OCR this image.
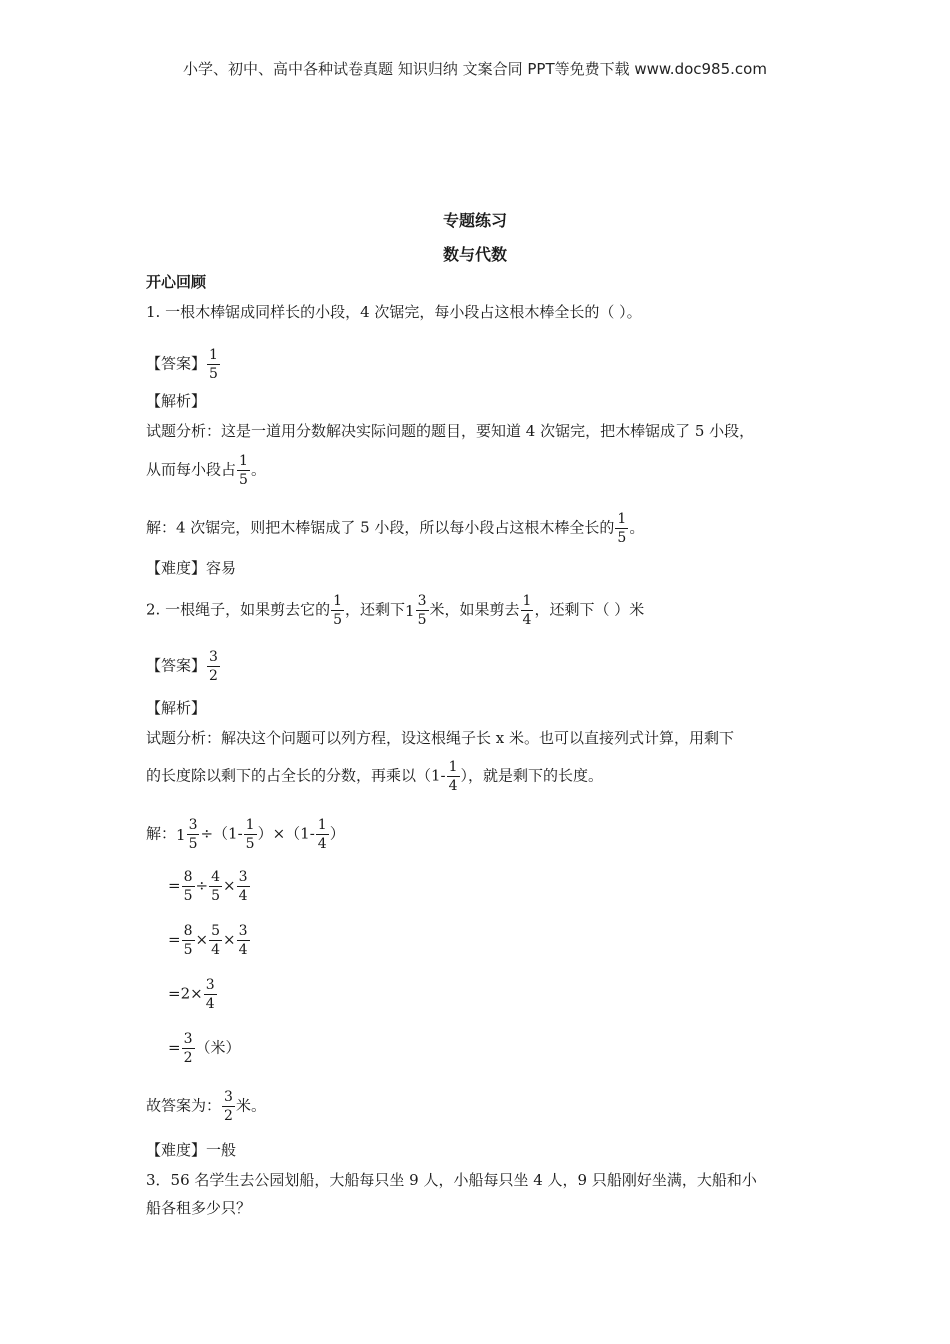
小学、初中、高中各种试卷真题 知识归纳 文案合同 PPT等免费下载 www.doc985.com
专题练习
数与代数
开心回顾
1. 一根木棒锯成同样长的小段，4 次锯完，每小段占这根木棒全长的（ ）。
【答案】 $\frac{1}{5}$
【解析】
试题分析：这是一道用分数解决实际问题的题目，要知道 4 次锯完，把木棒锯成了 5 小段，
从而每小段占 $\frac{1}{5}$ 。
解：4 次锯完，则把木棒锯成了 5 小段，所以每小段占这根木棒全长的 $\frac{1}{5}$ 。
【难度】容易
2. 一根绳子，如果剪去它的 $\frac{1}{5}$ ，还剩下$1 \frac{3}{5}$ 米，如果剪去 $\frac{1}{4}$ ，还剩下（ ）米
【答案】 $\frac{3}{2}$
【解析】
试题分析：解决这个问题可以列方程，设这根绳子长 x 米。也可以直接列式计算，用剩下
的长度除以剩下的占全长的分数，再乘以（$1- \frac{1}{4}$ ），就是剩下的长度。
解：$1 \frac{3}{5} \div(1- \frac{1}{5} )\times(1- \frac{1}{4}$ ）
= $\frac{8}{5} \div \frac{4}{5} \times \frac{3}{4}$
= $\frac{8}{5} \times \frac{5}{4} \times \frac{3}{4}$
$=2\times \frac{3}{4}$
= $\frac{3}{2}$ （米）
故答案为： $\frac{3}{2}$ 米。
【难度】一般
3．56 名学生去公园划船，大船每只坐 9 人，小船每只坐 4 人，9 只船刚好坐满，大船和小
船各租多少只？
